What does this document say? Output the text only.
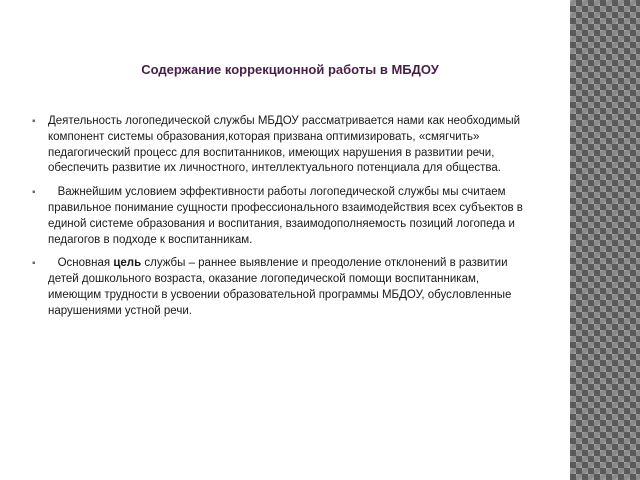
Содержание коррекционной работы в МБДОУ
▪ Деятельность логопедической службы МБДОУ рассматривается нами как необходимый компонент системы образования,которая призвана оптимизировать, «смягчить» педагогический процесс для воспитанников, имеющих нарушения в развитии речи, обеспечить развитие их личностного, интеллектуального потенциала для общества.
▪ Важнейшим условием эффективности работы логопедической службы мы считаем правильное понимание сущности профессионального взаимодействия всех субъектов в единой системе образования и воспитания, взаимодополняемость позиций логопеда и педагогов в подходе к воспитанникам.
▪ Основная цель службы – раннее выявление и преодоление отклонений в развитии детей дошкольного возраста, оказание логопедической помощи воспитанникам, имеющим трудности в усвоении образовательной программы МБДОУ, обусловленные нарушениями устной речи.
